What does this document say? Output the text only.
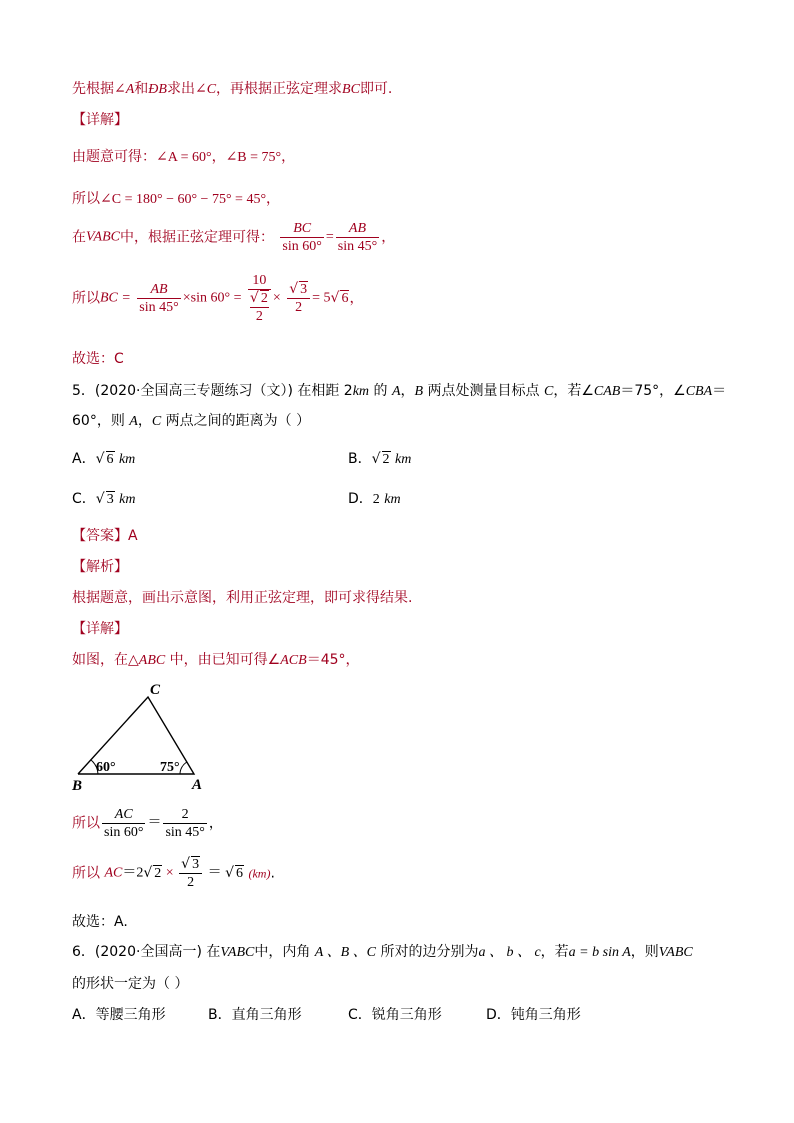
先根据∠A和ÐB求出∠C，再根据正弦定理求BC即可.
【详解】
由题意可得：∠A = 60°，∠B = 75°，
所以∠C = 180° − 60° − 75° = 45°，
在VABC中，根据正弦定理可得： $\frac{BC}{\sin 60^\circ} = \frac{AB}{\sin 45^\circ}$ ，
所以BC = $\frac{AB}{\sin 45^\circ} \times\sin$ 60° = 10
√ 2
$2 \times \frac{√ 3}{2} = 5√$ 6，
故选：C
5．(2020·全国高三专题练习（文）) 在相距 2km 的 A，B 两点处测量目标点 C，若∠CAB＝75°，∠CBA＝
60°，则 A，C 两点之间的距离为（ ）
A．√ 6 km	B．√ 2 km
C．√ 3 km	D．2 km
【答案】A
【解析】
根据题意，画出示意图，利用正弦定理，即可求得结果.
【详解】
如图，在△ABC 中，由已知可得∠ACB＝45°，
C
B	A
60°	75°
所以 $\frac{AC}{\sin 60^\circ} = \frac{2}{\sin 45^\circ}$ ，
所以 AC＝2√ $2 \times \frac{√ 3}{2}$ ＝ √ 6 (km).
故选：A.
6．(2020·全国高一) 在VABC中，内角 A 、B 、C 所对的边分别为a 、 b 、 c，若a = b sin A，则VABC
的形状一定为（ ）
A．等腰三角形	B．直角三角形	C．锐角三角形	D．钝角三角形
